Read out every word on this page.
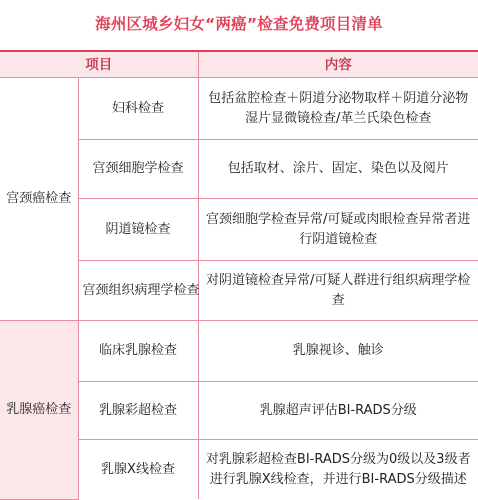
海州区城乡妇女“两癌”检查免费项目清单
项目		内容
宫颈癌检查	妇科检查	包括盆腔检查＋阴道分泌物取样＋阴道分泌物湿片显微镜检查/革兰氏染色检查
	宫颈细胞学检查	包括取材、涂片、固定、染色以及阅片
	阴道镜检查	宫颈细胞学检查异常/可疑或肉眼检查异常者进行阴道镜检查
	宫颈组织病理学检查	对阴道镜检查异常/可疑人群进行组织病理学检查
乳腺癌检查	临床乳腺检查	乳腺视诊、触诊
	乳腺彩超检查	乳腺超声评估BI-RADS分级
	乳腺X线检查	对乳腺彩超检查BI-RADS分级为0级以及3级者进行乳腺X线检查，并进行BI-RADS分级描述
